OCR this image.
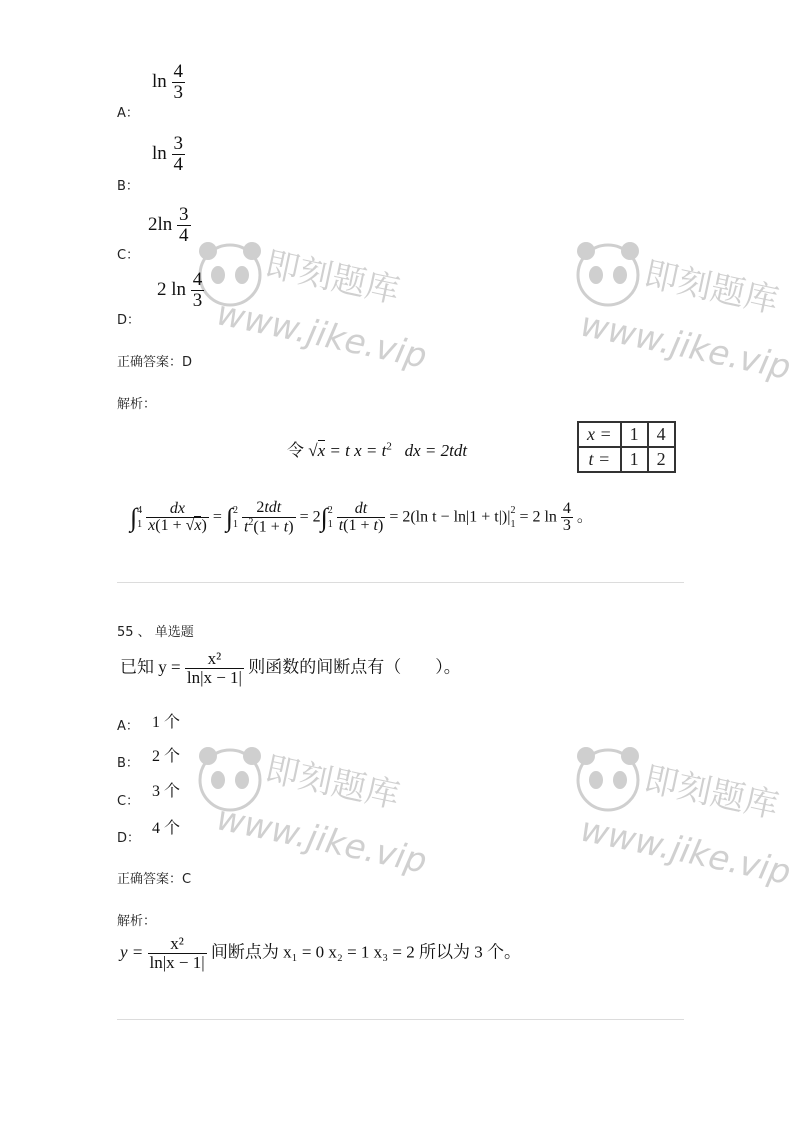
即刻题库
www.jike.vip
即刻题库
www.jike.vip
即刻题库
www.jike.vip
即刻题库
www.jike.vip
A：
$\ln \frac{4}{3}$
B：
$\ln \frac{3}{4}$
C：
$2\ln \frac{3}{4}$
D：
2 $\ln \frac{4}{3}$
正确答案：D
解析：
令 √x = t $x = t^2$ dx = 2tdt
x =	1	4
t =	1	2
∫ 4
1
$\frac{dx}{x(1 + √x)}$ = ∫ 2
1
$\frac{\text{2tdt}}{t^2(1 + t)} = 2\int$ 2
1
$\frac{dt}{t(1 + t)} = 2(\ln$ t − ln|1 + t|)| 2
1 = 2 $\ln \frac{4}{3}$ 。
55 、 单选题
已知 $y = \frac{\text{x²}}{\ln|x - 1|}$ 则函数的间断点有（　　）。
A： 1 个
B： 2 个
C：
3 个
D：
4 个
正确答案：C
解析：
$y = \frac{\text{x²}}{\ln|x - 1|}$ 间断点为 x₁ = 0 x₂ = 1 x₃ = 2 所以为 3 个。
